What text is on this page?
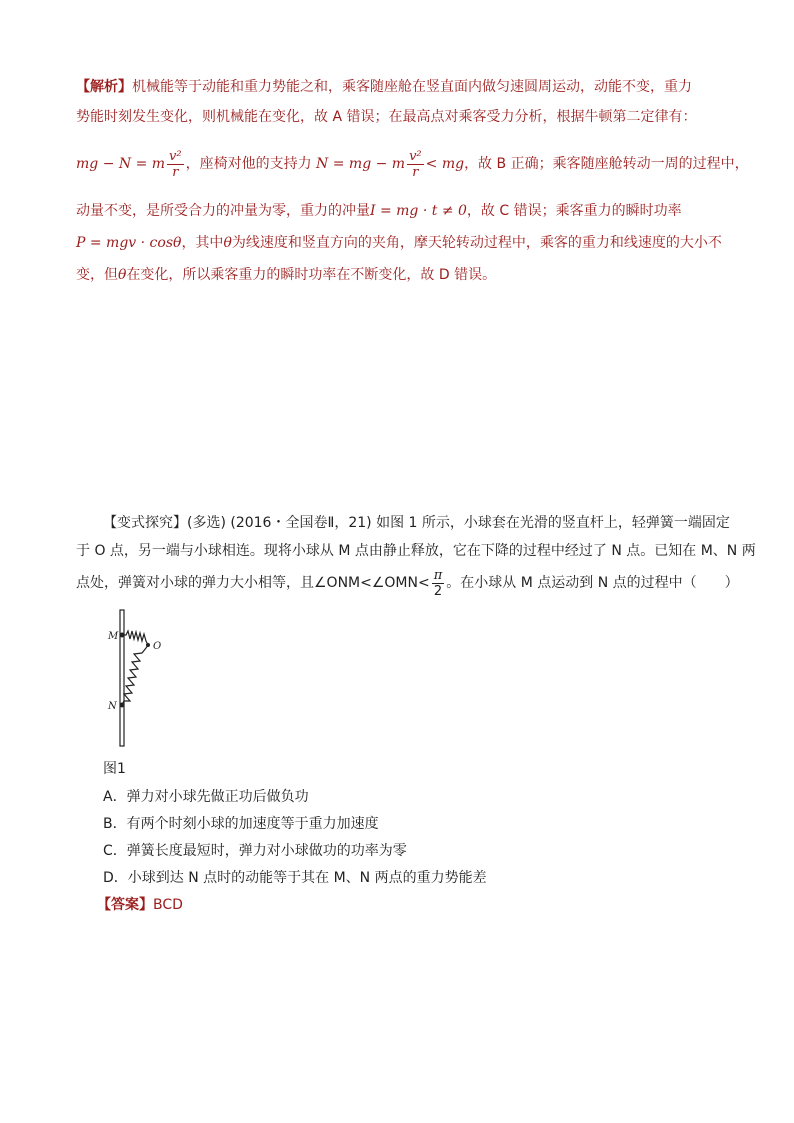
【解析】机械能等于动能和重力势能之和，乘客随座舱在竖直面内做匀速圆周运动，动能不变，重力
势能时刻发生变化，则机械能在变化，故 A 错误；在最高点对乘客受力分析，根据牛顿第二定律有：
mg − N = m $\frac{\text{v²}}{r}$ ，座椅对他的支持力 N = mg − m $\frac{\text{v²}}{r}$ < mg，故 B 正确；乘客随座舱转动一周的过程中，
动量不变，是所受合力的冲量为零，重力的冲量I = mg · t ≠ 0，故 C 错误；乘客重力的瞬时功率
P = mgv · cosθ，其中θ为线速度和竖直方向的夹角，摩天轮转动过程中，乘客的重力和线速度的大小不
变，但θ在变化，所以乘客重力的瞬时功率在不断变化，故 D 错误。
【变式探究】(多选) (2016・全国卷Ⅱ，21) 如图 1 所示，小球套在光滑的竖直杆上，轻弹簧一端固定
于 O 点，另一端与小球相连。现将小球从 M 点由静止释放，它在下降的过程中经过了 N 点。已知在 M、N 两
点处，弹簧对小球的弹力大小相等，且∠ONM<∠OMN< $\frac{\pi}{2}$ 。在小球从 M 点运动到 N 点的过程中（　　）
M
O
N
图1
A．弹力对小球先做正功后做负功
B．有两个时刻小球的加速度等于重力加速度
C．弹簧长度最短时，弹力对小球做功的功率为零
D．小球到达 N 点时的动能等于其在 M、N 两点的重力势能差
【答案】BCD
